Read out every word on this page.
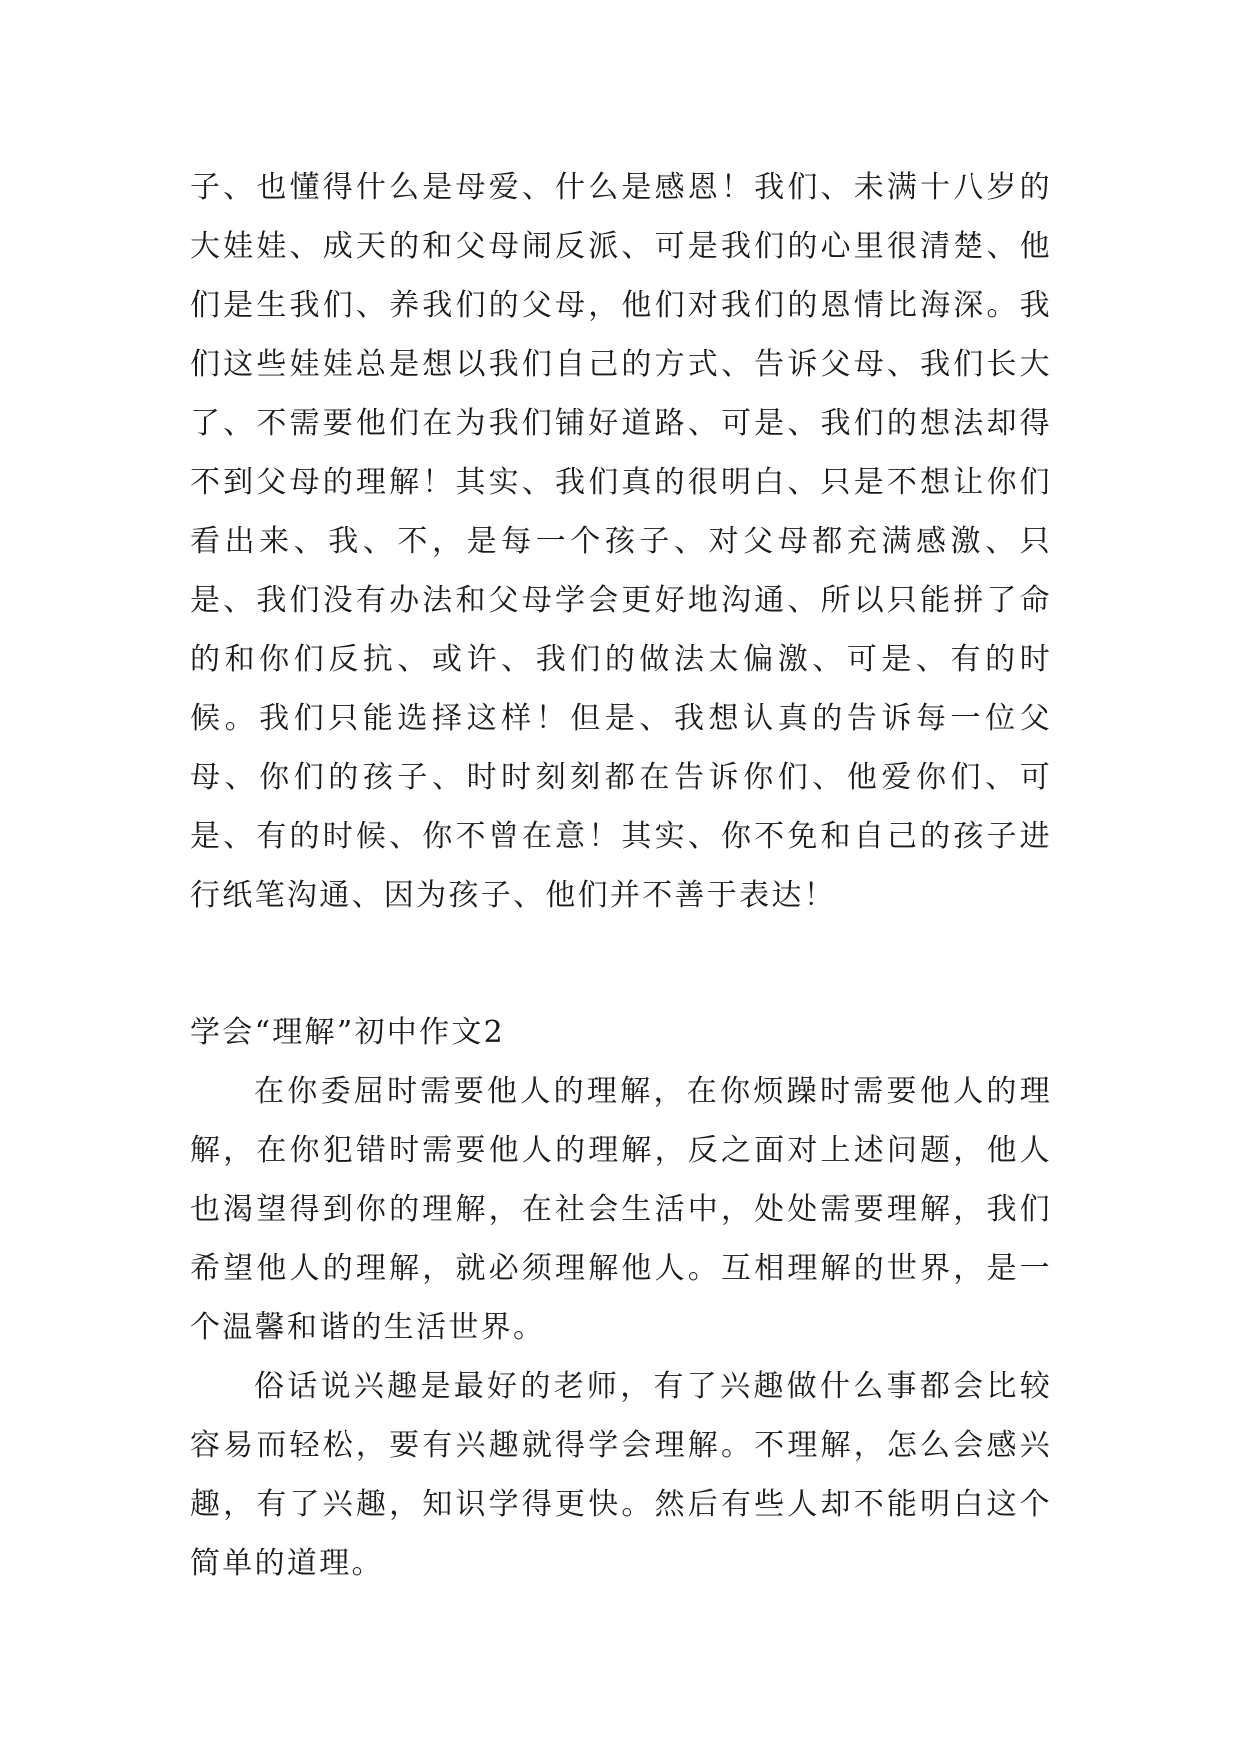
子、也懂得什么是母爱、什么是感恩！我们、未满十八岁的大娃娃、成天的和父母闹反派、可是我们的心里很清楚、他们是生我们、养我们的父母，他们对我们的恩情比海深。我们这些娃娃总是想以我们自己的方式、告诉父母、我们长大了、不需要他们在为我们铺好道路、可是、我们的想法却得不到父母的理解！其实、我们真的很明白、只是不想让你们看出来、我、不，是每一个孩子、对父母都充满感激、只是、我们没有办法和父母学会更好地沟通、所以只能拼了命的和你们反抗、或许、我们的做法太偏激、可是、有的时候。我们只能选择这样！但是、我想认真的告诉每一位父母、你们的孩子、时时刻刻都在告诉你们、他爱你们、可是、有的时候、你不曾在意！其实、你不免和自己的孩子进行纸笔沟通、因为孩子、他们并不善于表达！

学会“理解”初中作文2

在你委屈时需要他人的理解，在你烦躁时需要他人的理解，在你犯错时需要他人的理解，反之面对上述问题，他人也渴望得到你的理解，在社会生活中，处处需要理解，我们希望他人的理解，就必须理解他人。互相理解的世界，是一个温馨和谐的生活世界。

俗话说兴趣是最好的老师，有了兴趣做什么事都会比较容易而轻松，要有兴趣就得学会理解。不理解，怎么会感兴趣，有了兴趣，知识学得更快。然后有些人却不能明白这个简单的道理。
